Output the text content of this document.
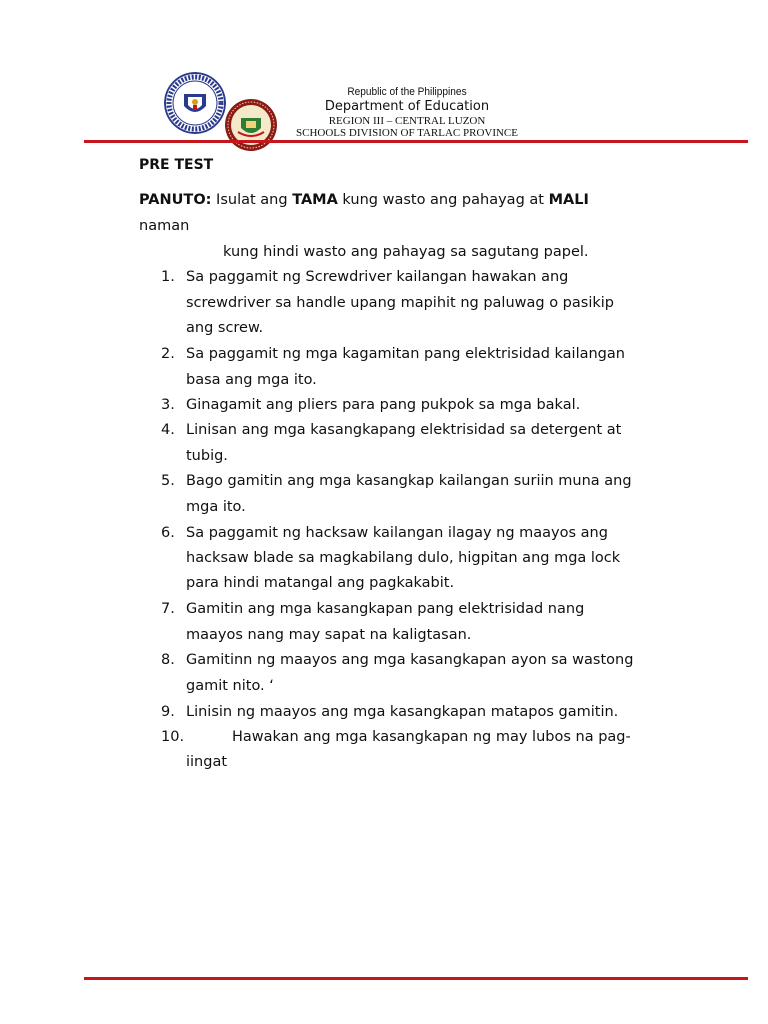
Republic of the Philippines
Department of Education
REGION III – CENTRAL LUZON
SCHOOLS DIVISION OF TARLAC PROVINCE
PRE TEST
PANUTO: Isulat ang TAMA kung wasto ang pahayag at MALI
naman
kung hindi wasto ang pahayag sa sagutang papel.
1. Sa paggamit ng Screwdriver kailangan hawakan ang
screwdriver sa handle upang mapihit ng paluwag o pasikip
ang screw.
2. Sa paggamit ng mga kagamitan pang elektrisidad kailangan
basa ang mga ito.
3. Ginagamit ang pliers para pang pukpok sa mga bakal.
4. Linisan ang mga kasangkapang elektrisidad sa detergent at
tubig.
5. Bago gamitin ang mga kasangkap kailangan suriin muna ang
mga ito.
6. Sa paggamit ng hacksaw kailangan ilagay ng maayos ang
hacksaw blade sa magkabilang dulo, higpitan ang mga lock
para hindi matangal ang pagkakabit.
7. Gamitin ang mga kasangkapan pang elektrisidad nang
maayos nang may sapat na kaligtasan.
8. Gamitinn ng maayos ang mga kasangkapan ayon sa wastong
gamit nito. ‘
9. Linisin ng maayos ang mga kasangkapan matapos gamitin.
10.	Hawakan ang mga kasangkapan ng may lubos na pag-
iingat
